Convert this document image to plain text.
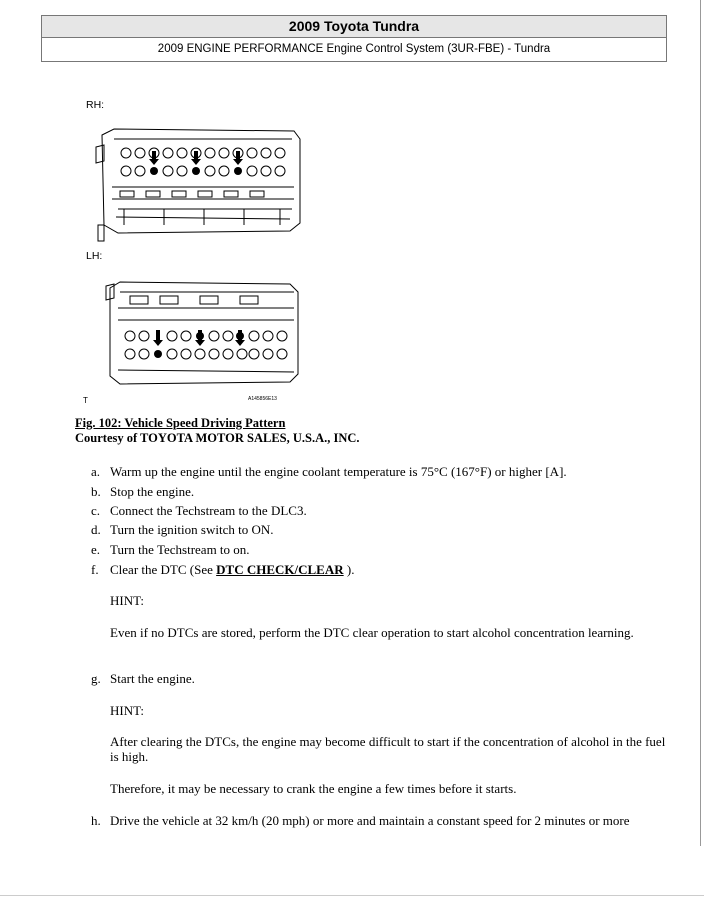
2009 Toyota Tundra
2009 ENGINE PERFORMANCE Engine Control System (3UR-FBE) - Tundra
RH:
LH:
T	A145856E13
Fig. 102: Vehicle Speed Driving Pattern
Courtesy of TOYOTA MOTOR SALES, U.S.A., INC.
a. Warm up the engine until the engine coolant temperature is 75°C (167°F) or higher [A].
b. Stop the engine.
c. Connect the Techstream to the DLC3.
d. Turn the ignition switch to ON.
e. Turn the Techstream to on.
f. Clear the DTC (See DTC CHECK/CLEAR ).
HINT:
Even if no DTCs are stored, perform the DTC clear operation to start alcohol concentration learning.
g. Start the engine.
HINT:
After clearing the DTCs, the engine may become difficult to start if the concentration of alcohol in the fuel is high.
Therefore, it may be necessary to crank the engine a few times before it starts.
h. Drive the vehicle at 32 km/h (20 mph) or more and maintain a constant speed for 2 minutes or more
